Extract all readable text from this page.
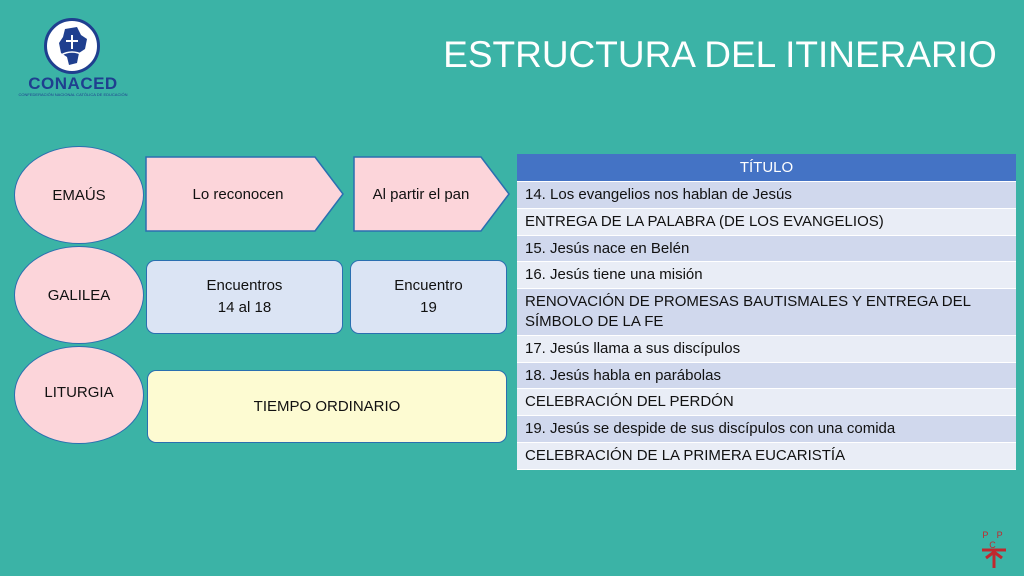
CONACED
CONFEDERACIÓN NACIONAL CATÓLICA DE EDUCACIÓN
ESTRUCTURA DEL ITINERARIO
EMAÚS	Lo reconocen	Al partir el pan
GALILEA
Encuentros
14 al 18
Encuentro
19
LITURGIA
TIEMPO ORDINARIO
TÍTULO
14. Los evangelios nos hablan de Jesús
ENTREGA DE LA PALABRA (DE LOS EVANGELIOS)
15. Jesús nace en Belén
16. Jesús tiene una misión
RENOVACIÓN DE PROMESAS BAUTISMALES Y ENTREGA DEL SÍMBOLO DE LA FE
17. Jesús llama a sus discípulos
18. Jesús habla en parábolas
CELEBRACIÓN DEL PERDÓN
19. Jesús se despide de sus discípulos con una comida
CELEBRACIÓN DE LA PRIMERA EUCARISTÍA
P P C
